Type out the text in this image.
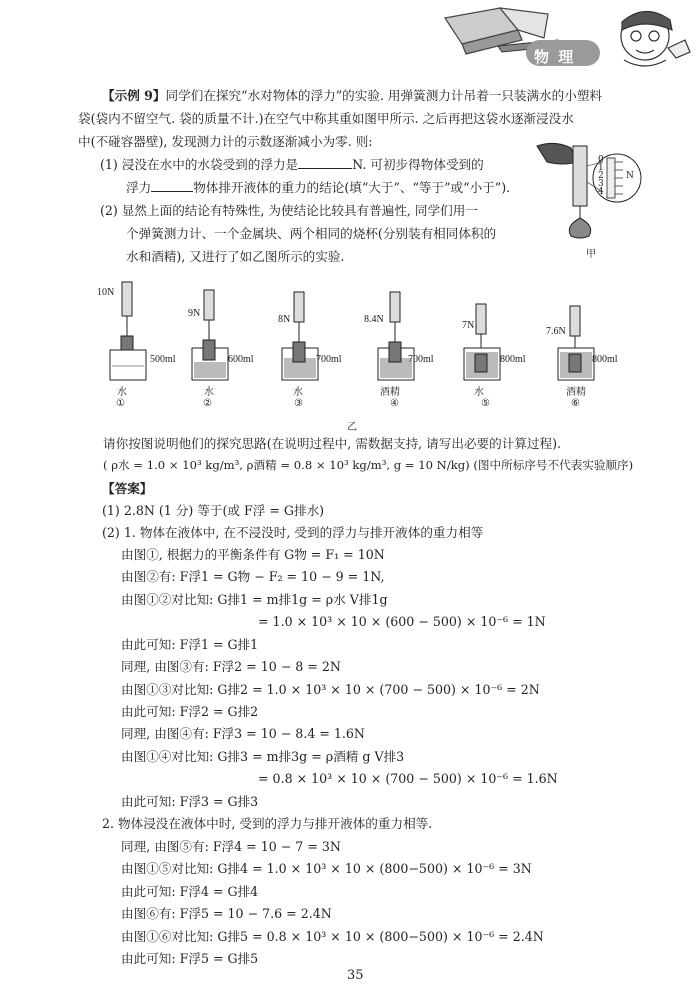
物 理
【示例 9】同学们在探究“水对物体的浮力”的实验. 用弹簧测力计吊着一只装满水的小塑料
袋(袋内不留空气. 袋的质量不计.)在空气中称其重如图甲所示. 之后再把这袋水逐渐浸没水
中(不碰容器壁), 发现测力计的示数逐渐减小为零. 则:
(1) 浸没在水中的水袋受到的浮力是	N. 可初步得物体受到的
浮力	物体排开液体的重力的结论(填“大于”、“等于”或“小于”).
(2) 显然上面的结论有特殊性, 为使结论比较具有普遍性, 同学们用一
个弹簧测力计、一个金属块、两个相同的烧杯(分别装有相同体积的
水和酒精), 又进行了如乙图所示的实验.
0
1
2
3
4
N
甲
10N
9N
500ml
水
①
8N
600ml
水
②
8.4N
700ml
水
③
7N
700ml
酒精
④
7.6N
800ml
水
⑤
800ml
酒精
⑥
乙
请你按图说明他们的探究思路(在说明过程中, 需数据支持, 请写出必要的计算过程).
( ρ水 = 1.0 × 10³ kg/m³, ρ酒精 = 0.8 × 10³ kg/m³, g = 10 N/kg) (图中所标序号不代表实验顺序)
【答案】
(1) 2.8N (1 分) 等于(或 F浮 = G排水)
(2) 1. 物体在液体中, 在不浸没时, 受到的浮力与排开液体的重力相等
由图①, 根据力的平衡条件有 G物 = F₁ = 10N
由图②有: F浮1 = G物 − F₂ = 10 − 9 = 1N,
由图①②对比知: G排1 = m排1g = ρ水 V排1g
= 1.0 × 10³ × 10 × (600 − 500) × 10⁻⁶ = 1N
由此可知: F浮1 = G排1
同理, 由图③有: F浮2 = 10 − 8 = 2N
由图①③对比知: G排2 = 1.0 × 10³ × 10 × (700 − 500) × 10⁻⁶ = 2N
由此可知: F浮2 = G排2
同理, 由图④有: F浮3 = 10 − 8.4 = 1.6N
由图①④对比知: G排3 = m排3g = ρ酒精 g V排3
= 0.8 × 10³ × 10 × (700 − 500) × 10⁻⁶ = 1.6N
由此可知: F浮3 = G排3
2. 物体浸没在液体中时, 受到的浮力与排开液体的重力相等.
同理, 由图⑤有: F浮4 = 10 − 7 = 3N
由图①⑤对比知: G排4 = 1.0 × 10³ × 10 × (800−500) × 10⁻⁶ = 3N
由此可知: F浮4 = G排4
由图⑥有: F浮5 = 10 − 7.6 = 2.4N
由图①⑥对比知: G排5 = 0.8 × 10³ × 10 × (800−500) × 10⁻⁶ = 2.4N
由此可知: F浮5 = G排5
35
